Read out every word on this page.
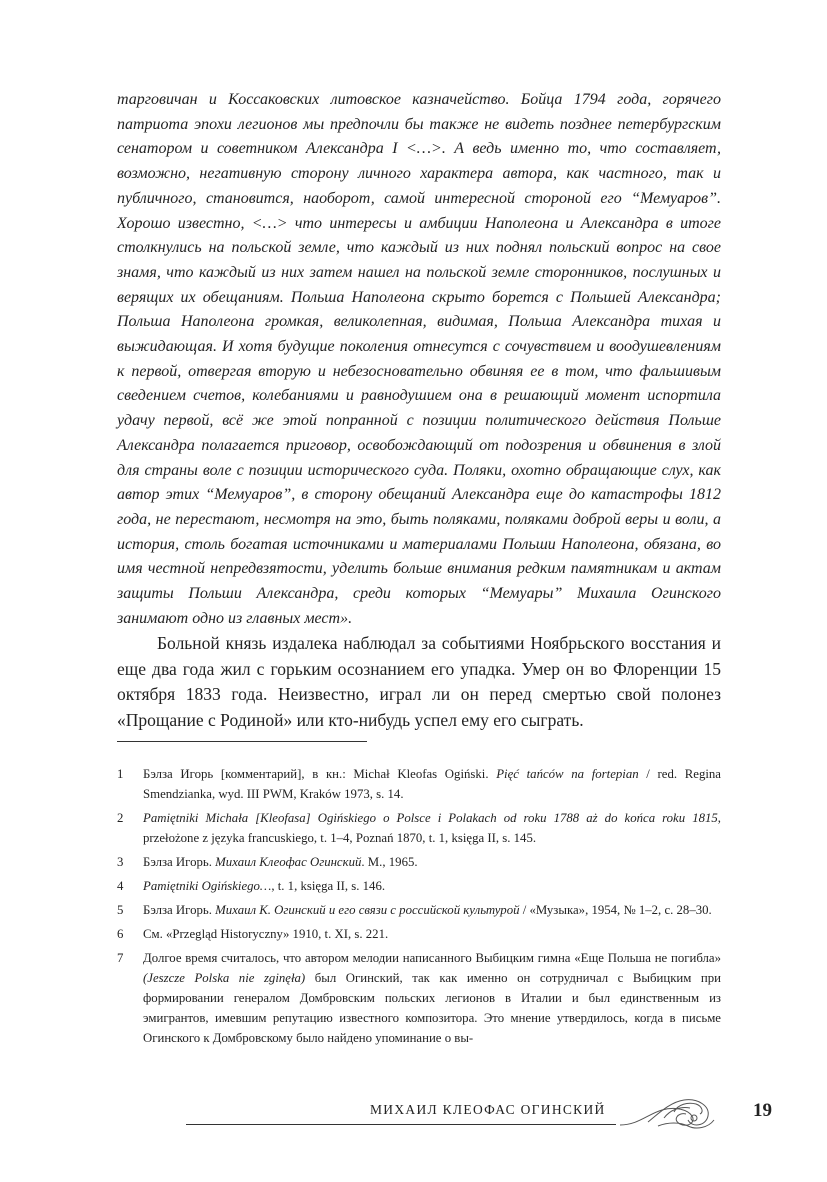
таргoвичан и Коссаковских литовское казначейство. Бойца 1794 года, горячего патриота эпохи легионов мы предпочли бы также не видеть позднее петербургским сенатором и советником Александра I <…>. А ведь именно то, что составляет, возможно, негативную сторону личного характера автора, как частного, так и публичного, становится, наоборот, самой интересной стороной его “Мемуаров”. Хорошо известно, <…> что интересы и амбиции Наполеона и Александра в итоге столкнулись на польской земле, что каждый из них поднял польский вопрос на свое знамя, что каждый из них затем нашел на польской земле сторонников, послушных и верящих их обещаниям. Польша Наполеона скрыто борется с Польшей Александра; Польша Наполеона громкая, великолепная, видимая, Польша Александра тихая и выжидающая. И хотя будущие поколения отнесутся с сочувствием и воодушевлениям к первой, отвергая вторую и небезосновательно обвиняя ее в том, что фальшивым сведением счетов, колебаниями и равнодушием она в решающий момент испортила удачу первой, всё же этой попранной с позиции политического действия Польше Александра полагается приговор, освобождающий от подозрения и обвинения в злой для страны воле с позиции исторического суда. Поляки, охотно обращающие слух, как автор этих “Мемуаров”, в сторону обещаний Александра еще до катастрофы 1812 года, не перестают, несмотря на это, быть поляками, поляками доброй веры и воли, а история, столь богатая источниками и материалами Польши Наполеона, обязана, во имя честной непредвзятости, уделить больше внимания редким памятникам и актам защиты Польши Александра, среди которых “Мемуары” Михаила Огинского занимают одно из главных мест».

Больной князь издалека наблюдал за событиями Ноябрьского восстания и еще два года жил с горьким осознанием его упадка. Умер он во Флоренции 15 октября 1833 года. Неизвестно, играл ли он перед смертью свой полонез «Прощание с Родиной» или кто-нибудь успел ему его сыграть.

1	Бэлза Игорь [комментарий], в кн.: Michał Kleofas Ogiński. Pięć tańców na fortepian / red. Regina Smendzianka, wyd. III PWM, Kraków 1973, s. 14.
2	Pamiętniki Michała [Kleofasa] Ogińskiego o Polsce i Polakach od roku 1788 aż do końca roku 1815, przełożone z języka francuskiego, t. 1–4, Poznań 1870, t. 1, księga II, s. 145.
3	Бэлза Игорь. Михаил Клеофас Огинский. М., 1965.
4	Pamiętniki Ogińskiego…, t. 1, księga II, s. 146.
5	Бэлза Игорь. Михаил К. Огинский и его связи с российской культурой / «Музыка», 1954, № 1–2, с. 28–30.
6	См. «Przegląd Historyczny» 1910, t. XI, s. 221.
7	Долгое время считалось, что автором мелодии написанного Выбицким гимна «Еще Польша не погибла» (Jeszcze Polska nie zginęła) был Огинский, так как именно он сотрудничал с Выбицким при формировании генералом Домбровским польских легионов в Италии и был единственным из эмигрантов, имевшим репутацию известного композитора. Это мнение утвердилось, когда в письме Огинского к Домбровскому было найдено упоминание о вы-
МИХАИЛ КЛЕОФАС ОГИНСКИЙ	19
